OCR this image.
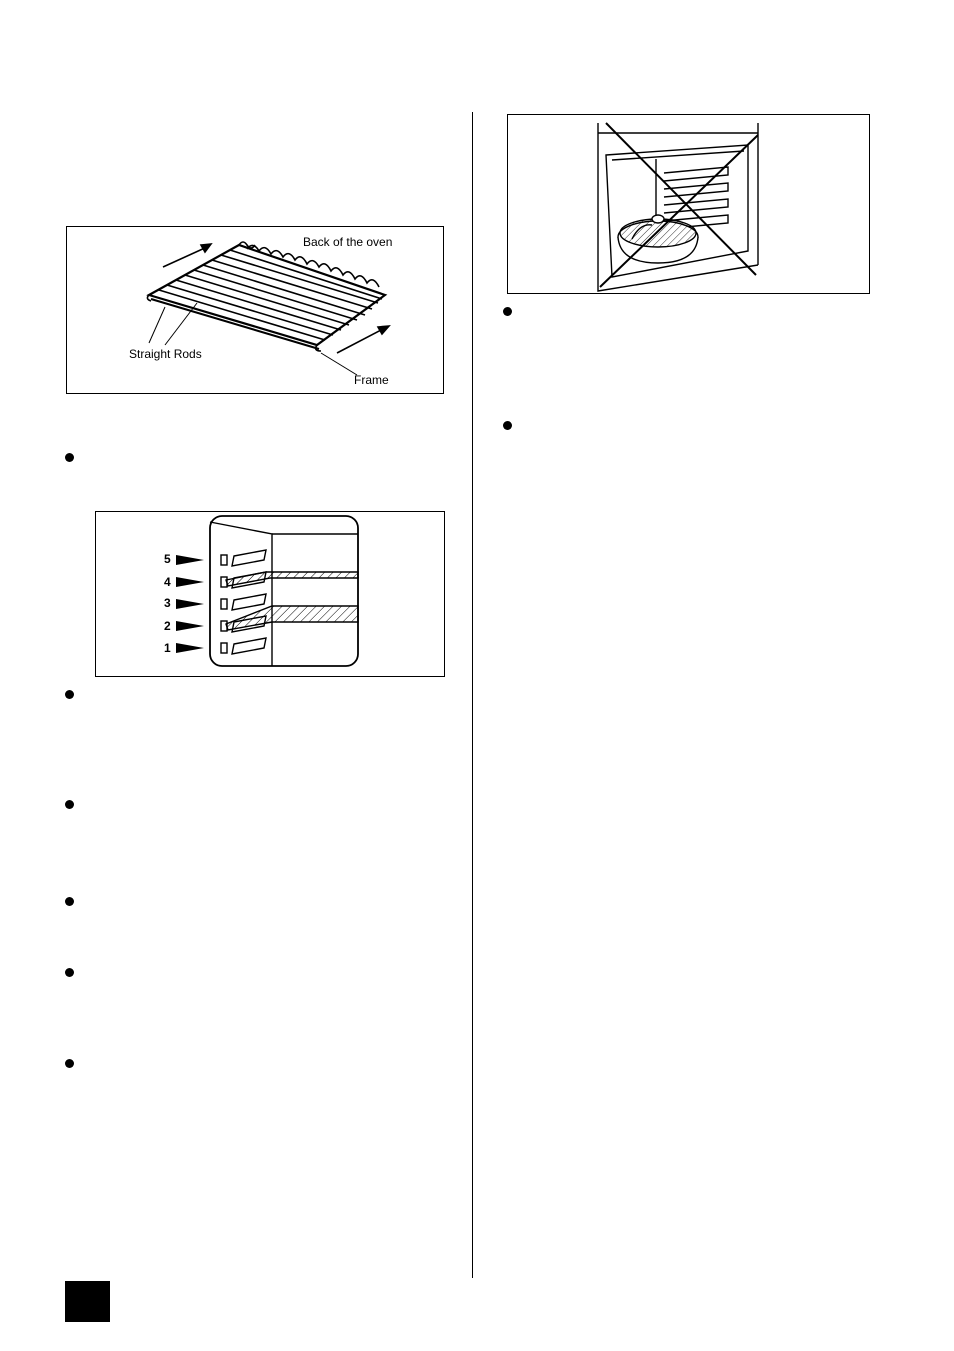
Back of the oven
Straight Rods
Frame
5
4
3
2
1
